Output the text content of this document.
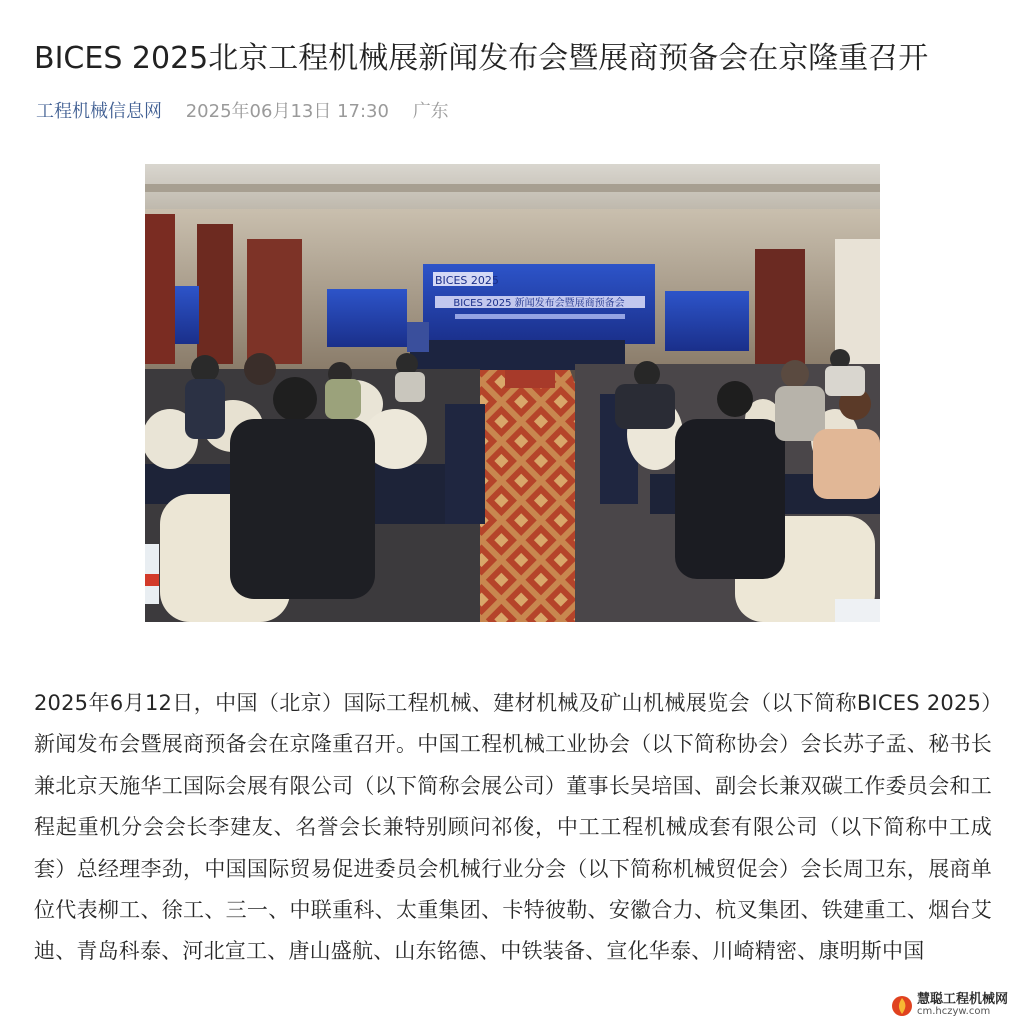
BICES 2025北京工程机械展新闻发布会暨展商预备会在京隆重召开
工程机械信息网 2025年06月13日 17:30 广东
BICES 2025
BICES 2025 新闻发布会暨展商预备会
2025年6月12日，中国（北京）国际工程机械、建材机械及矿山机械展览会（以下简称BICES 2025）新闻发布会暨展商预备会在京隆重召开。中国工程机械工业协会（以下简称协会）会长苏子孟、秘书长兼北京天施华工国际会展有限公司（以下简称会展公司）董事长吴培国、副会长兼双碳工作委员会和工程起重机分会会长李建友、名誉会长兼特别顾问祁俊，中工工程机械成套有限公司（以下简称中工成套）总经理李劲，中国国际贸易促进委员会机械行业分会（以下简称机械贸促会）会长周卫东，展商单位代表柳工、徐工、三一、中联重科、太重集团、卡特彼勒、安徽合力、杭叉集团、铁建重工、烟台艾迪、青岛科泰、河北宣工、唐山盛航、山东铭德、中铁装备、宣化华泰、川崎精密、康明斯中国
慧聪工程机械网
cm.hczyw.com
